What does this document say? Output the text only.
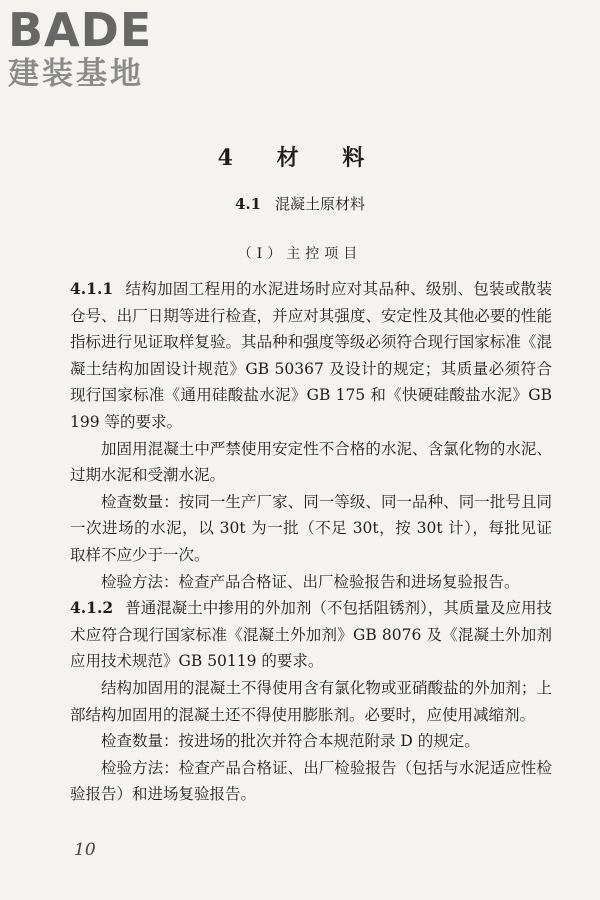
BADE
建装基地
4 材 料
4.1 混凝土原材料
（Ⅰ）主控项目

4.1.1 结构加固工程用的水泥进场时应对其品种、级别、包装或散装仓号、出厂日期等进行检查，并应对其强度、安定性及其他必要的性能指标进行见证取样复验。其品种和强度等级必须符合现行国家标准《混凝土结构加固设计规范》GB 50367 及设计的规定；其质量必须符合现行国家标准《通用硅酸盐水泥》GB 175 和《快硬硅酸盐水泥》GB 199 等的要求。

加固用混凝土中严禁使用安定性不合格的水泥、含氯化物的水泥、过期水泥和受潮水泥。

检查数量：按同一生产厂家、同一等级、同一品种、同一批号且同一次进场的水泥，以 30t 为一批（不足 30t，按 30t 计），每批见证取样不应少于一次。

检验方法：检查产品合格证、出厂检验报告和进场复验报告。

4.1.2 普通混凝土中掺用的外加剂（不包括阻锈剂），其质量及应用技术应符合现行国家标准《混凝土外加剂》GB 8076 及《混凝土外加剂应用技术规范》GB 50119 的要求。

结构加固用的混凝土不得使用含有氯化物或亚硝酸盐的外加剂；上部结构加固用的混凝土还不得使用膨胀剂。必要时，应使用减缩剂。

检查数量：按进场的批次并符合本规范附录 D 的规定。

检验方法：检查产品合格证、出厂检验报告（包括与水泥适应性检验报告）和进场复验报告。

10
